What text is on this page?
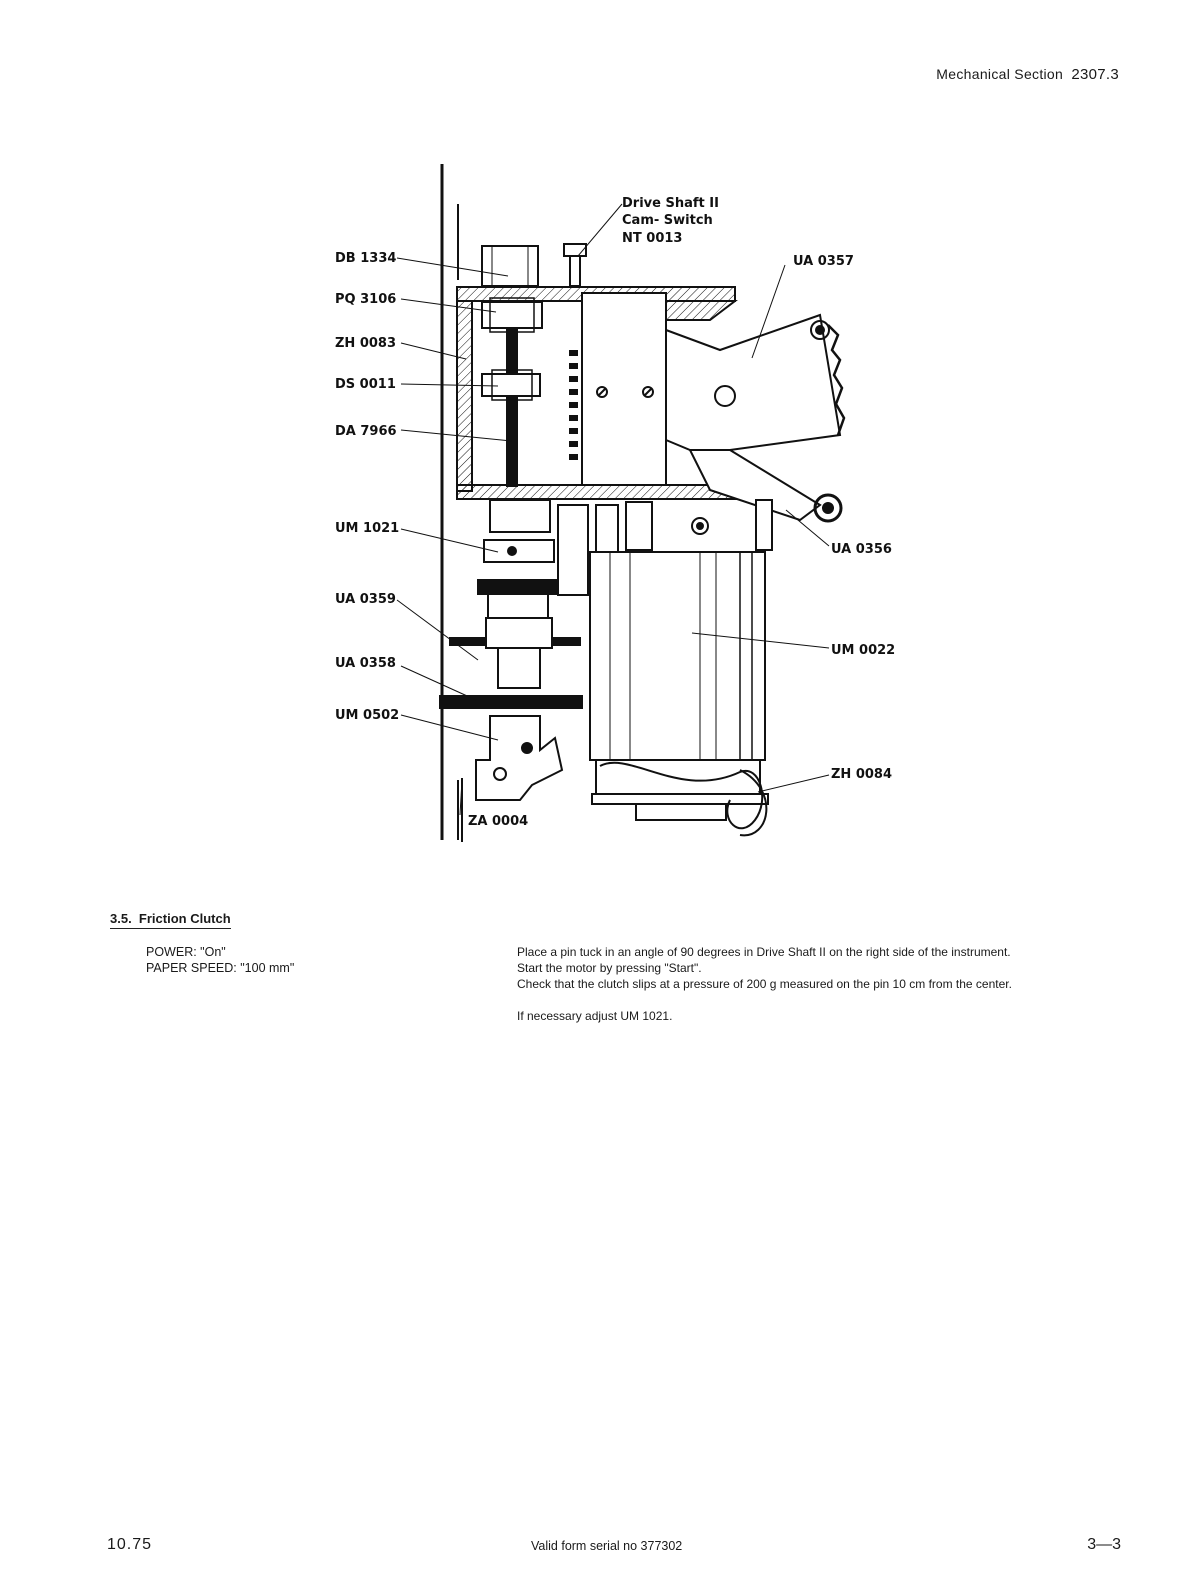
Mechanical Section 2307.3
Drive Shaft II
Cam- Switch
NT 0013
DB 1334
PQ 3106
ZH 0083
DS 0011
DA 7966
UM 1021
UA 0359
UA 0358
UM 0502
ZA 0004
UA 0357
UA 0356
UM 0022
ZH 0084
3.5. Friction Clutch
POWER: "On"
PAPER SPEED: "100 mm"
Place a pin tuck in an angle of 90 degrees in Drive Shaft II on the right side of the instrument.
Start the motor by pressing "Start".
Check that the clutch slips at a pressure of 200 g measured on the pin 10 cm from the center.
If necessary adjust UM 1021.
10.75	Valid form serial no 377302	3—3
